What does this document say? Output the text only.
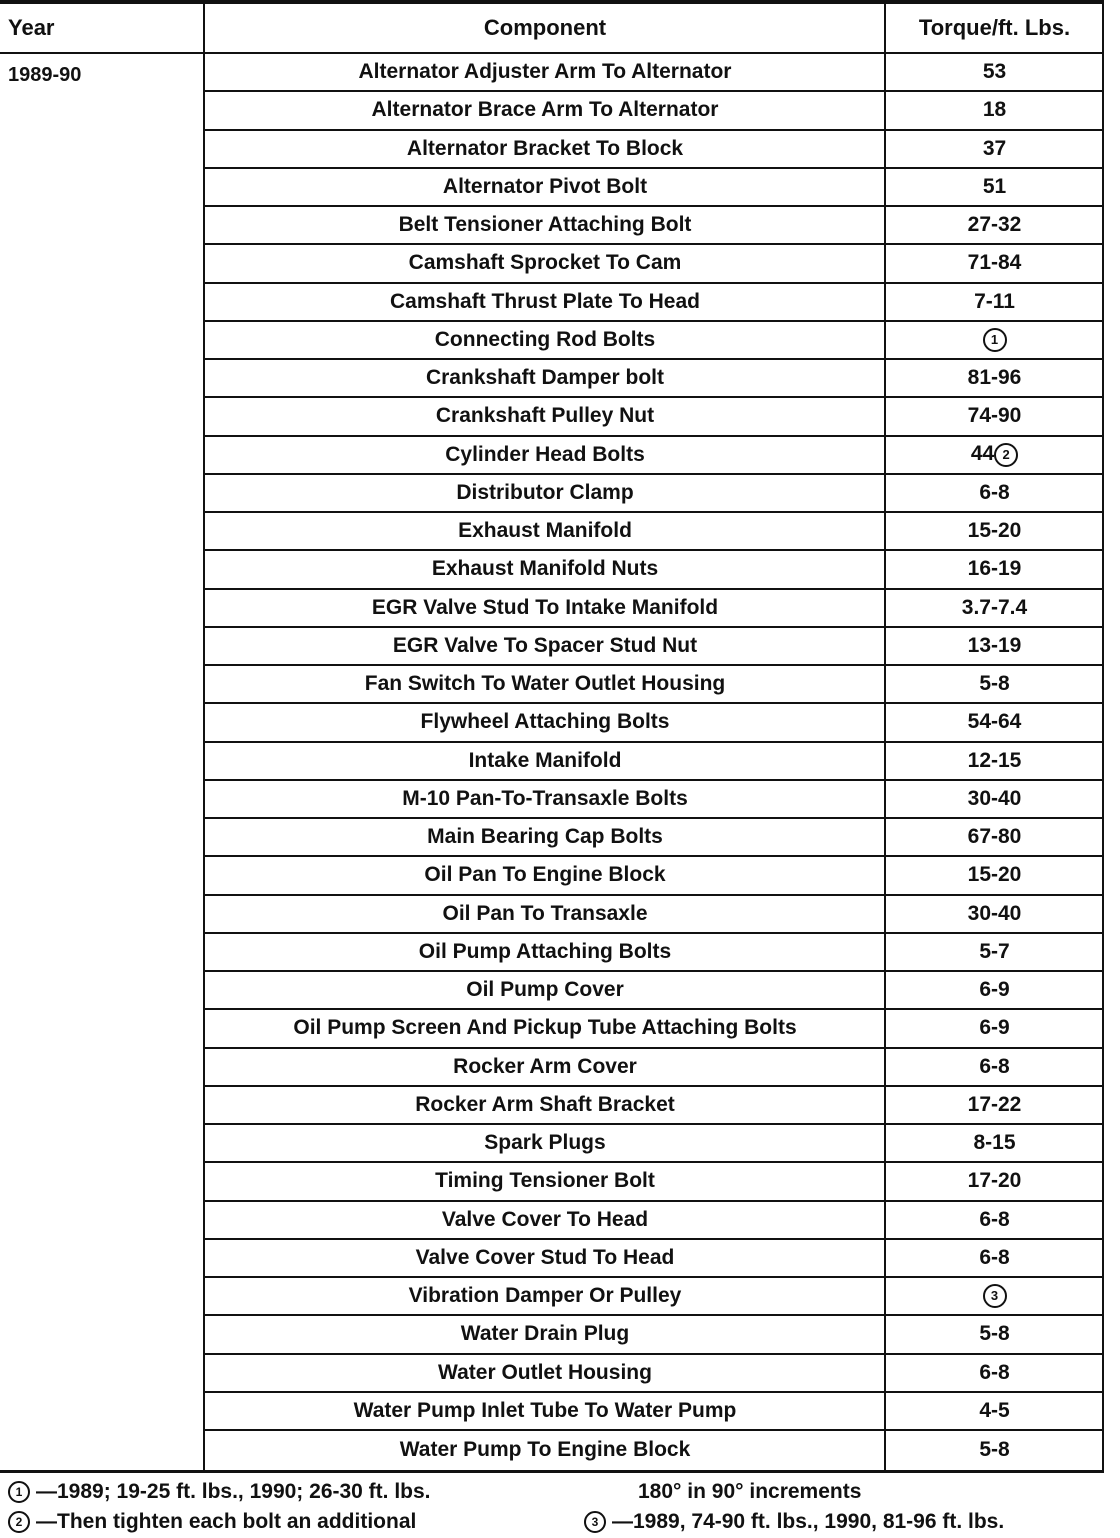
Year	Component	Torque/ft. Lbs.
1989-90	Alternator Adjuster Arm To Alternator	53
Alternator Brace Arm To Alternator	18
Alternator Bracket To Block	37
Alternator Pivot Bolt	51
Belt Tensioner Attaching Bolt	27-32
Camshaft Sprocket To Cam	71-84
Camshaft Thrust Plate To Head	7-11
Connecting Rod Bolts	1
Crankshaft Damper bolt	81-96
Crankshaft Pulley Nut	74-90
Cylinder Head Bolts	44 2
Distributor Clamp	6-8
Exhaust Manifold	15-20
Exhaust Manifold Nuts	16-19
EGR Valve Stud To Intake Manifold	3.7-7.4
EGR Valve To Spacer Stud Nut	13-19
Fan Switch To Water Outlet Housing	5-8
Flywheel Attaching Bolts	54-64
Intake Manifold	12-15
M-10 Pan-To-Transaxle Bolts	30-40
Main Bearing Cap Bolts	67-80
Oil Pan To Engine Block	15-20
Oil Pan To Transaxle	30-40
Oil Pump Attaching Bolts	5-7
Oil Pump Cover	6-9
Oil Pump Screen And Pickup Tube Attaching Bolts	6-9
Rocker Arm Cover	6-8
Rocker Arm Shaft Bracket	17-22
Spark Plugs	8-15
Timing Tensioner Bolt	17-20
Valve Cover To Head	6-8
Valve Cover Stud To Head	6-8
Vibration Damper Or Pulley	3
Water Drain Plug	5-8
Water Outlet Housing	6-8
Water Pump Inlet Tube To Water Pump	4-5
Water Pump To Engine Block	5-8
1 —1989; 19-25 ft. lbs., 1990; 26-30 ft. lbs.	180° in 90° increments
2 —Then tighten each bolt an additional	3 —1989, 74-90 ft. lbs., 1990, 81-96 ft. lbs.
